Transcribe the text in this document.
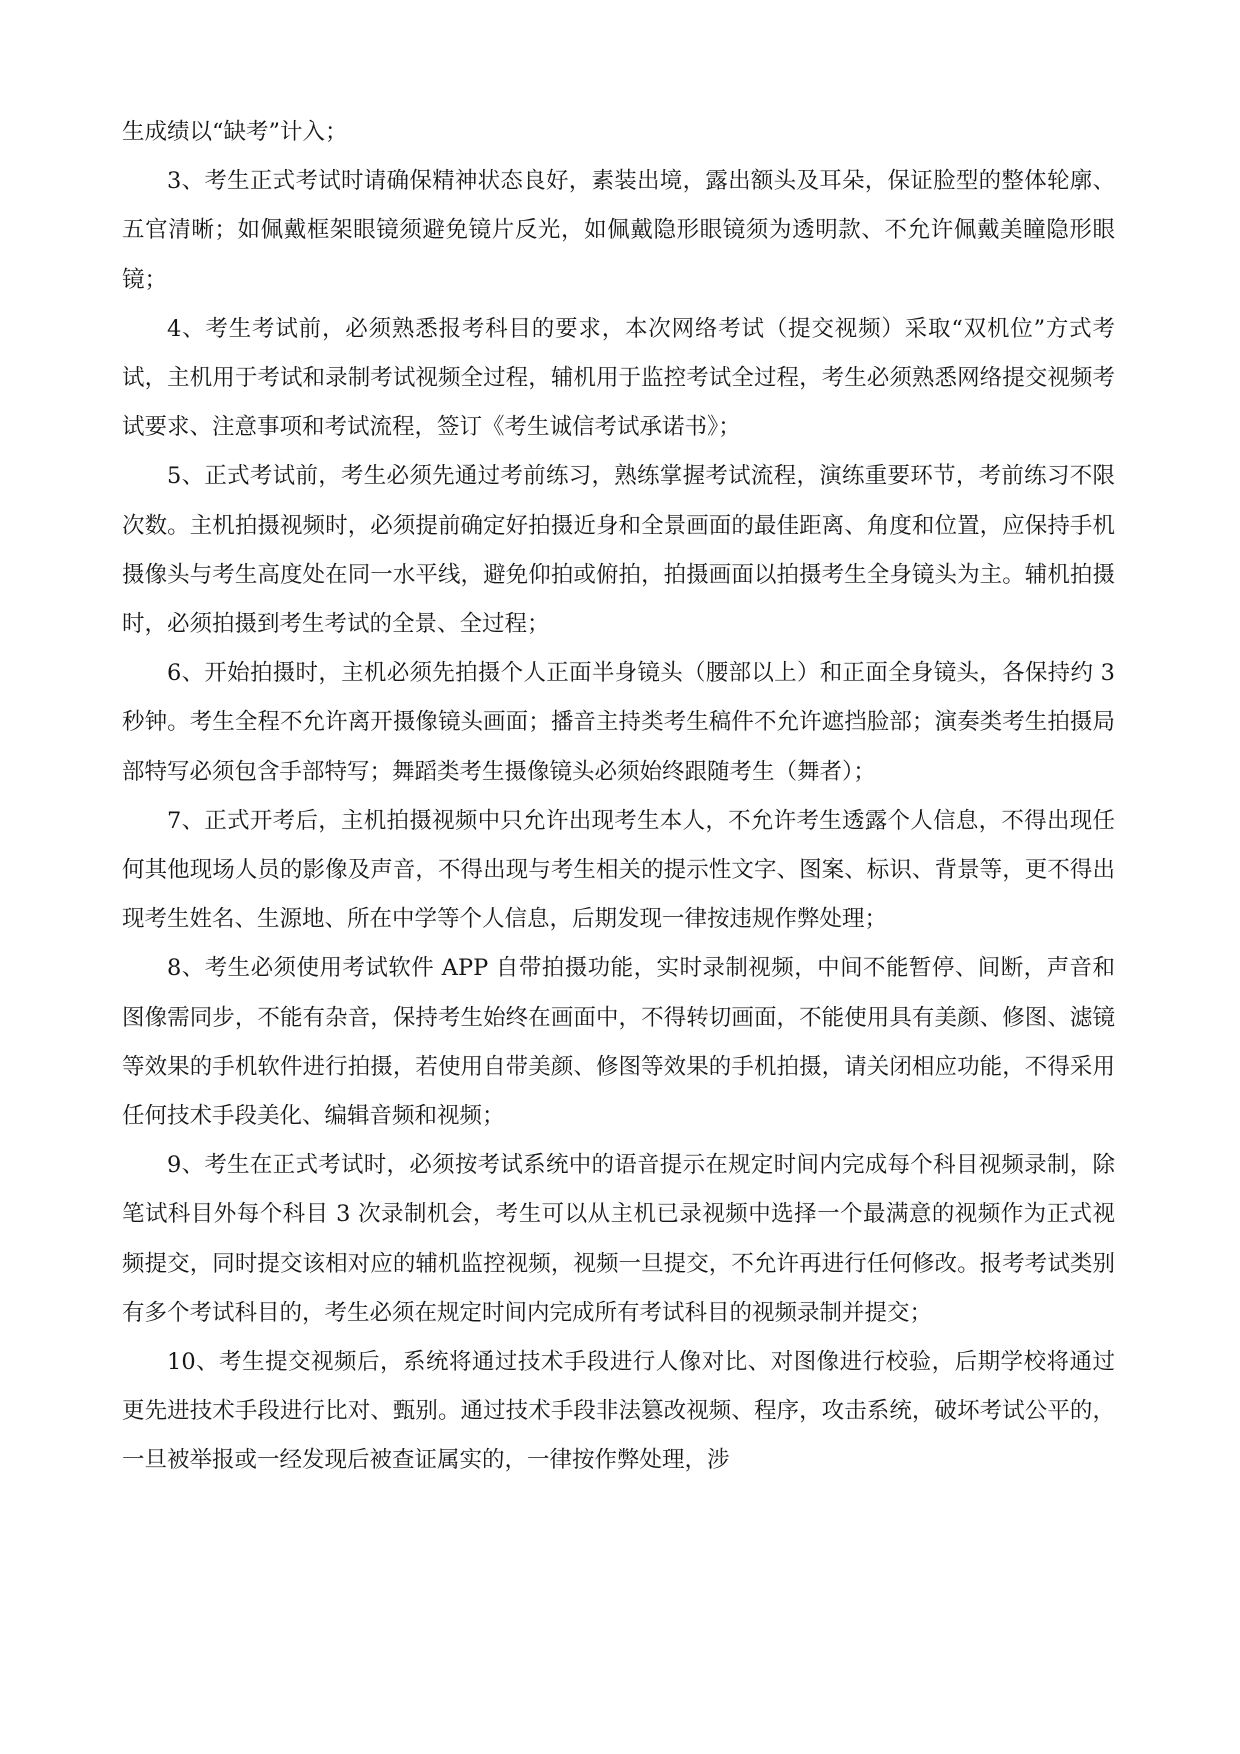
生成绩以“缺考”计入；

3、考生正式考试时请确保精神状态良好，素装出境，露出额头及耳朵，保证脸型的整体轮廓、五官清晰；如佩戴框架眼镜须避免镜片反光，如佩戴隐形眼镜须为透明款、不允许佩戴美瞳隐形眼镜；

4、考生考试前，必须熟悉报考科目的要求，本次网络考试（提交视频）采取“双机位”方式考试，主机用于考试和录制考试视频全过程，辅机用于监控考试全过程，考生必须熟悉网络提交视频考试要求、注意事项和考试流程，签订《考生诚信考试承诺书》；

5、正式考试前，考生必须先通过考前练习，熟练掌握考试流程，演练重要环节，考前练习不限次数。主机拍摄视频时，必须提前确定好拍摄近身和全景画面的最佳距离、角度和位置，应保持手机摄像头与考生高度处在同一水平线，避免仰拍或俯拍，拍摄画面以拍摄考生全身镜头为主。辅机拍摄时，必须拍摄到考生考试的全景、全过程；

6、开始拍摄时，主机必须先拍摄个人正面半身镜头（腰部以上）和正面全身镜头，各保持约 3 秒钟。考生全程不允许离开摄像镜头画面；播音主持类考生稿件不允许遮挡脸部；演奏类考生拍摄局部特写必须包含手部特写；舞蹈类考生摄像镜头必须始终跟随考生（舞者）；

7、正式开考后，主机拍摄视频中只允许出现考生本人，不允许考生透露个人信息，不得出现任何其他现场人员的影像及声音，不得出现与考生相关的提示性文字、图案、标识、背景等，更不得出现考生姓名、生源地、所在中学等个人信息，后期发现一律按违规作弊处理；

8、考生必须使用考试软件 APP 自带拍摄功能，实时录制视频，中间不能暂停、间断，声音和图像需同步，不能有杂音，保持考生始终在画面中，不得转切画面，不能使用具有美颜、修图、滤镜等效果的手机软件进行拍摄，若使用自带美颜、修图等效果的手机拍摄，请关闭相应功能，不得采用任何技术手段美化、编辑音频和视频；

9、考生在正式考试时，必须按考试系统中的语音提示在规定时间内完成每个科目视频录制，除笔试科目外每个科目 3 次录制机会，考生可以从主机已录视频中选择一个最满意的视频作为正式视频提交，同时提交该相对应的辅机监控视频，视频一旦提交，不允许再进行任何修改。报考考试类别有多个考试科目的，考生必须在规定时间内完成所有考试科目的视频录制并提交；

10、考生提交视频后，系统将通过技术手段进行人像对比、对图像进行校验，后期学校将通过更先进技术手段进行比对、甄别。通过技术手段非法篡改视频、程序，攻击系统，破坏考试公平的，一旦被举报或一经发现后被查证属实的，一律按作弊处理，涉
